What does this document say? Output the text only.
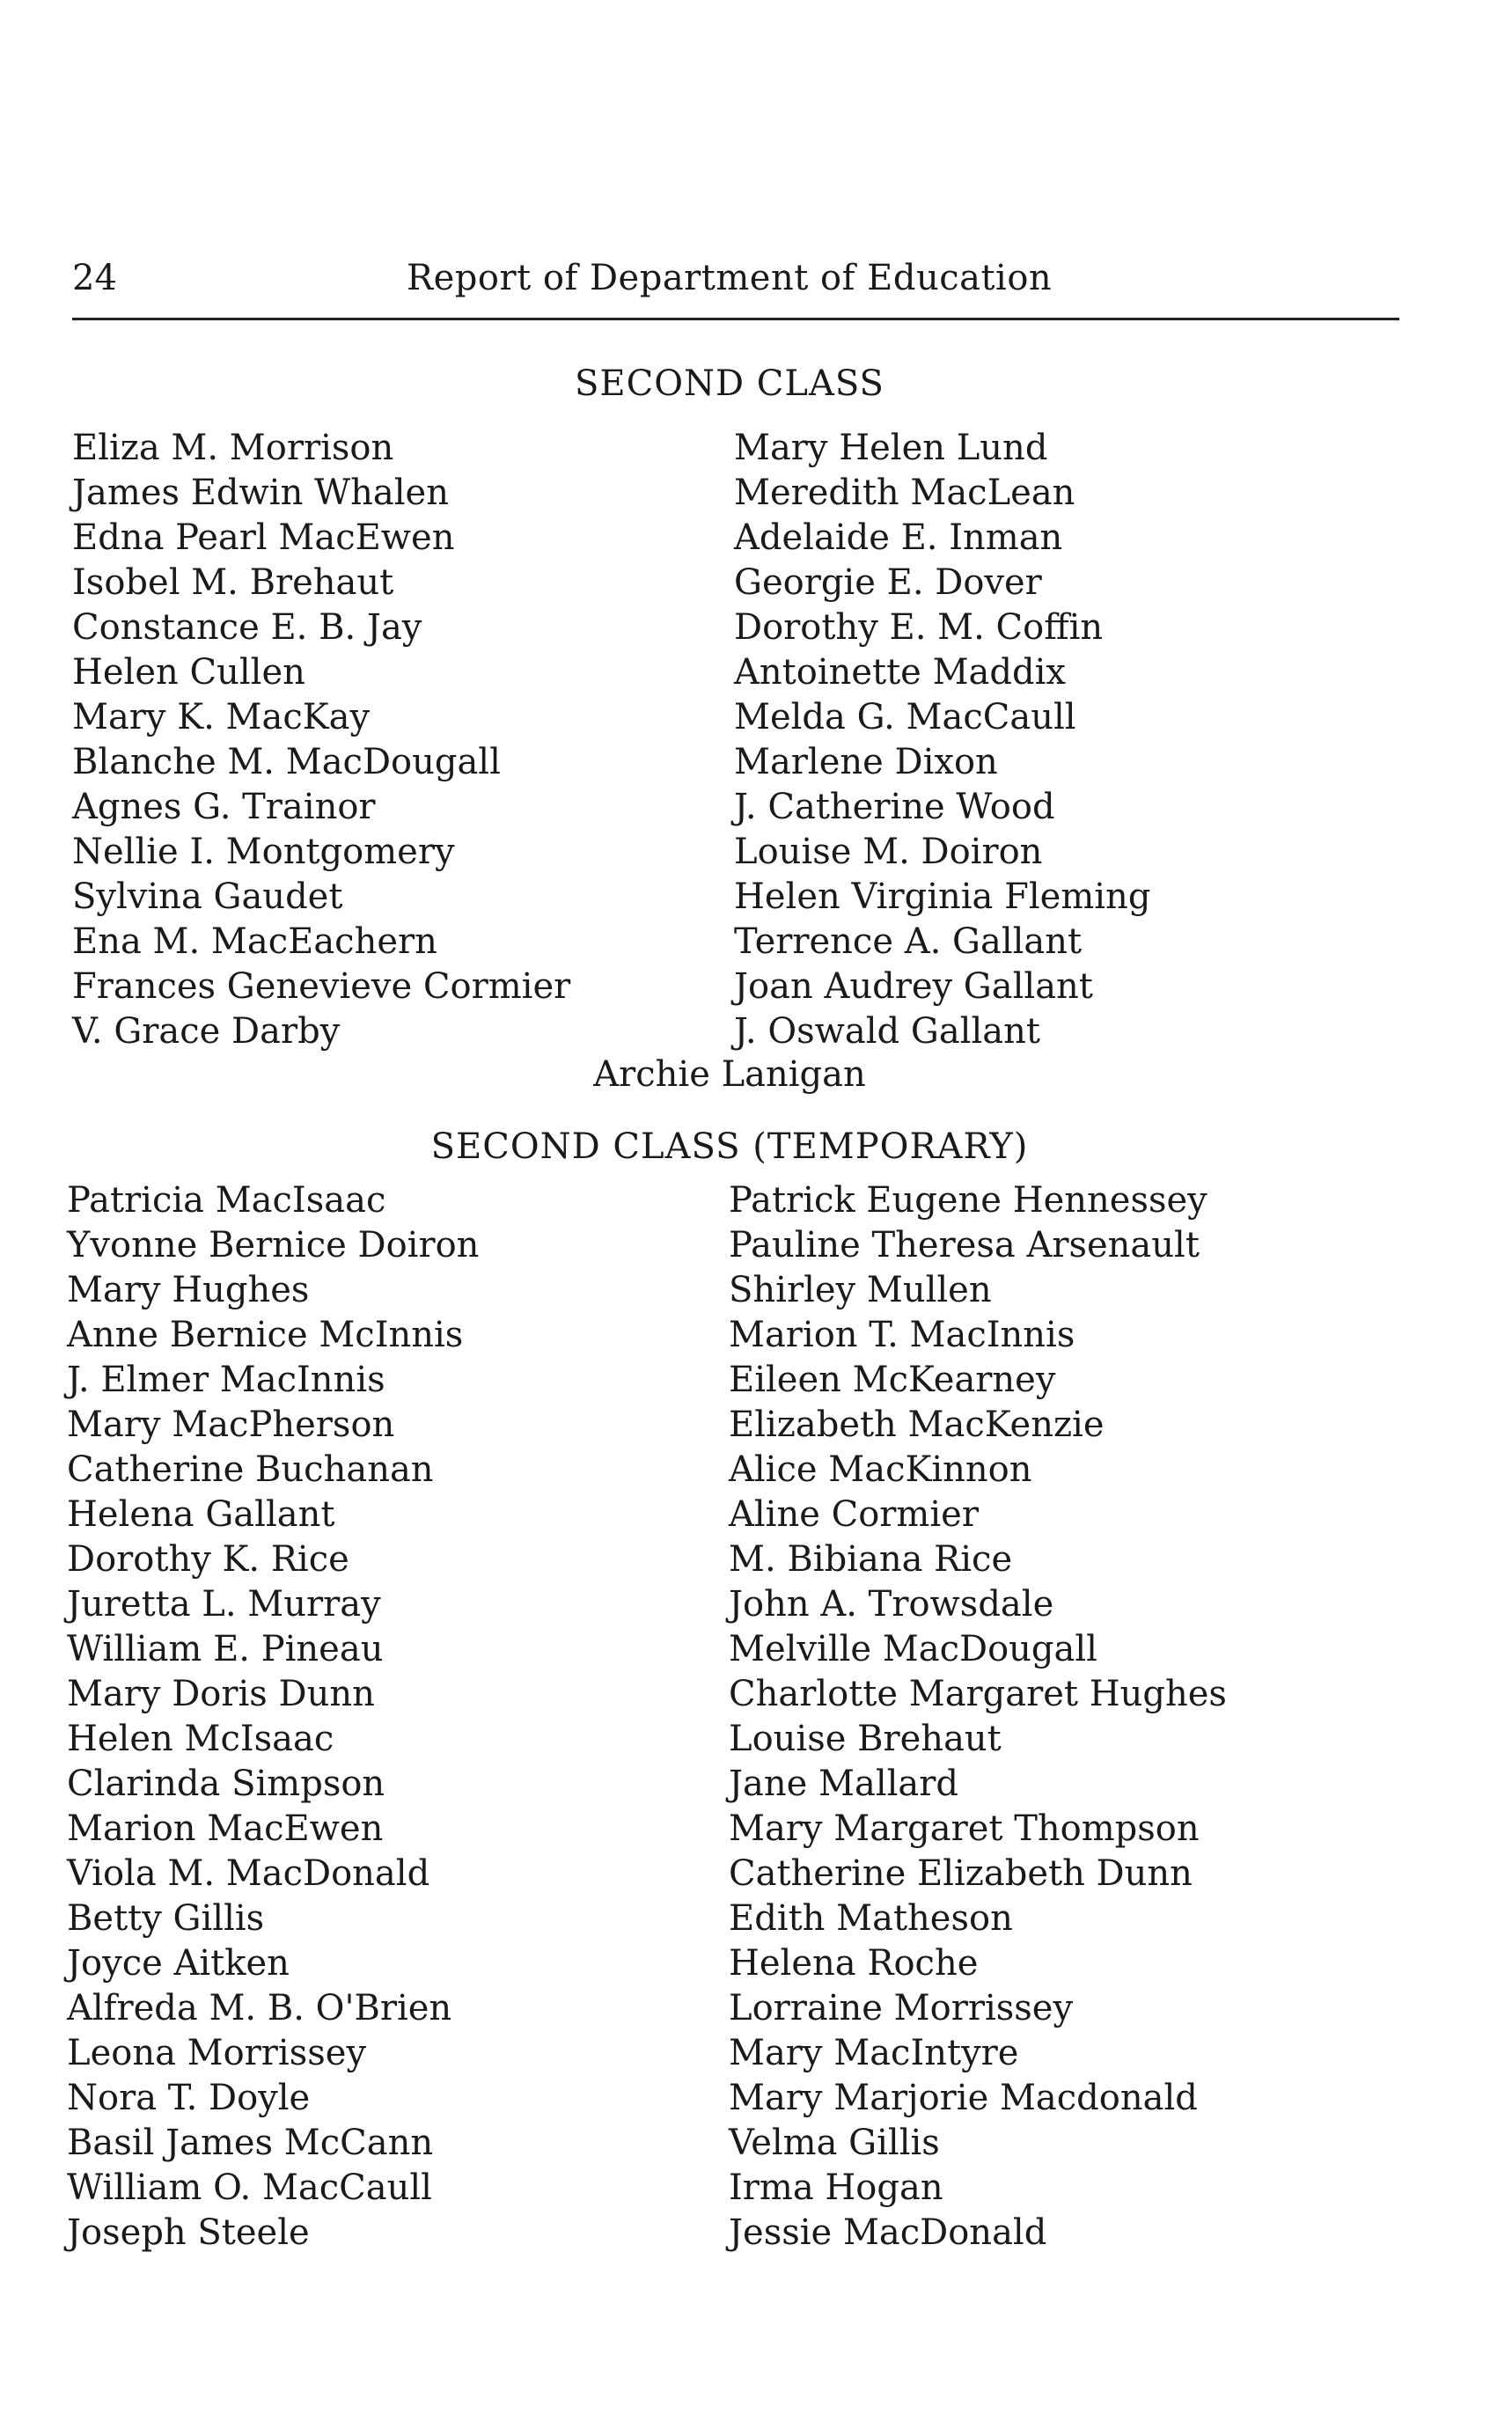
24	Report of Department of Education
SECOND CLASS
Eliza M. Morrison
James Edwin Whalen
Edna Pearl MacEwen
Isobel M. Brehaut
Constance E. B. Jay
Helen Cullen
Mary K. MacKay
Blanche M. MacDougall
Agnes G. Trainor
Nellie I. Montgomery
Sylvina Gaudet
Ena M. MacEachern
Frances Genevieve Cormier
V. Grace Darby
Mary Helen Lund
Meredith MacLean
Adelaide E. Inman
Georgie E. Dover
Dorothy E. M. Coffin
Antoinette Maddix
Melda G. MacCaull
Marlene Dixon
J. Catherine Wood
Louise M. Doiron
Helen Virginia Fleming
Terrence A. Gallant
Joan Audrey Gallant
J. Oswald Gallant
Archie Lanigan
SECOND CLASS (TEMPORARY)
Patricia MacIsaac
Yvonne Bernice Doiron
Mary Hughes
Anne Bernice McInnis
J. Elmer MacInnis
Mary MacPherson
Catherine Buchanan
Helena Gallant
Dorothy K. Rice
Juretta L. Murray
William E. Pineau
Mary Doris Dunn
Helen McIsaac
Clarinda Simpson
Marion MacEwen
Viola M. MacDonald
Betty Gillis
Joyce Aitken
Alfreda M. B. O'Brien
Leona Morrissey
Nora T. Doyle
Basil James McCann
William O. MacCaull
Joseph Steele
Patrick Eugene Hennessey
Pauline Theresa Arsenault
Shirley Mullen
Marion T. MacInnis
Eileen McKearney
Elizabeth MacKenzie
Alice MacKinnon
Aline Cormier
M. Bibiana Rice
John A. Trowsdale
Melville MacDougall
Charlotte Margaret Hughes
Louise Brehaut
Jane Mallard
Mary Margaret Thompson
Catherine Elizabeth Dunn
Edith Matheson
Helena Roche
Lorraine Morrissey
Mary MacIntyre
Mary Marjorie Macdonald
Velma Gillis
Irma Hogan
Jessie MacDonald
